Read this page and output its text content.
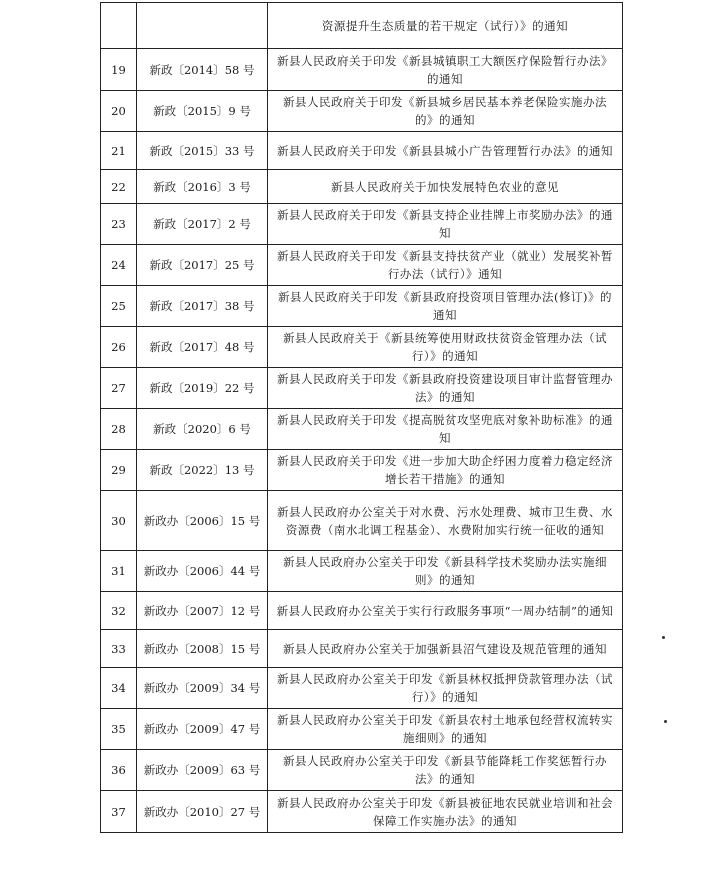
		资源提升生态质量的若干规定（试行）》的通知
19	新政〔2014〕58 号	新县人民政府关于印发《新县城镇职工大额医疗保险暂行办法》的通知
20	新政〔2015〕9 号	新县人民政府关于印发《新县城乡居民基本养老保险实施办法的》的通知
21	新政〔2015〕33 号	新县人民政府关于印发《新县县城小广告管理暂行办法》的通知
22	新政〔2016〕3 号	新县人民政府关于加快发展特色农业的意见
23	新政〔2017〕2 号	新县人民政府关于印发《新县支持企业挂牌上市奖励办法》的通知
24	新政〔2017〕25 号	新县人民政府关于印发《新县支持扶贫产业（就业）发展奖补暂行办法（试行）》通知
25	新政〔2017〕38 号	新县人民政府关于印发《新县政府投资项目管理办法(修订)》的通知
26	新政〔2017〕48 号	新县人民政府关于《新县统筹使用财政扶贫资金管理办法（试行）》的通知
27	新政〔2019〕22 号	新县人民政府关于印发《新县政府投资建设项目审计监督管理办法》的通知
28	新政〔2020〕6 号	新县人民政府关于印发《提高脱贫攻坚兜底对象补助标准》的通知
29	新政〔2022〕13 号	新县人民政府关于印发《进一步加大助企纾困力度着力稳定经济增长若干措施》的通知
30	新政办〔2006〕15 号	新县人民政府办公室关于对水费、污水处理费、城市卫生费、水资源费（南水北调工程基金）、水费附加实行统一征收的通知
31	新政办〔2006〕44 号	新县人民政府办公室关于印发《新县科学技术奖励办法实施细则》的通知
32	新政办〔2007〕12 号	新县人民政府办公室关于实行行政服务事项“一周办结制”的通知
33	新政办〔2008〕15 号	新县人民政府办公室关于加强新县沼气建设及规范管理的通知
34	新政办〔2009〕34 号	新县人民政府办公室关于印发《新县林权抵押贷款管理办法（试行）》的通知
35	新政办〔2009〕47 号	新县人民政府办公室关于印发《新县农村土地承包经营权流转实施细则》的通知
36	新政办〔2009〕63 号	新县人民政府办公室关于印发《新县节能降耗工作奖惩暂行办法》的通知
37	新政办〔2010〕27 号	新县人民政府办公室关于印发《新县被征地农民就业培训和社会保障工作实施办法》的通知
